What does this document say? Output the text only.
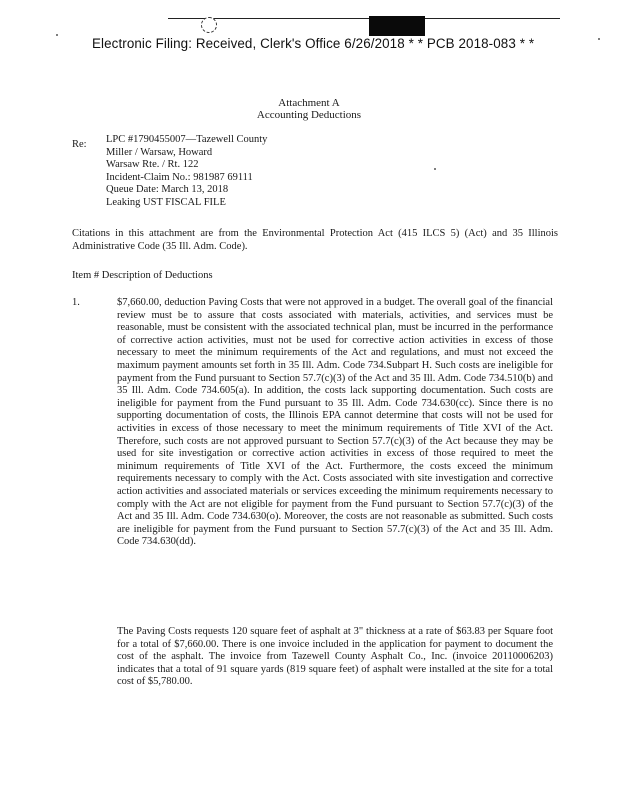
Electronic Filing: Received, Clerk's Office 6/26/2018 * * PCB 2018-083 * *
Attachment A
Accounting Deductions
Re: LPC #1790455007—Tazewell County
Miller / Warsaw, Howard
Warsaw Rte. / Rt. 122
Incident-Claim No.: 981987 69111
Queue Date: March 13, 2018
Leaking UST FISCAL FILE
Citations in this attachment are from the Environmental Protection Act (415 ILCS 5) (Act) and 35 Illinois Administrative Code (35 Ill. Adm. Code).
Item # Description of Deductions
1.	$7,660.00, deduction Paving Costs that were not approved in a budget. The overall goal of the financial review must be to assure that costs associated with materials, activities, and services must be reasonable, must be consistent with the associated technical plan, must be incurred in the performance of corrective action activities, must not be used for corrective action activities in excess of those necessary to meet the minimum requirements of the Act and regulations, and must not exceed the maximum payment amounts set forth in 35 Ill. Adm. Code 734.Subpart H. Such costs are ineligible for payment from the Fund pursuant to Section 57.7(c)(3) of the Act and 35 Ill. Adm. Code 734.510(b) and 35 Ill. Adm. Code 734.605(a). In addition, the costs lack supporting documentation. Such costs are ineligible for payment from the Fund pursuant to 35 Ill. Adm. Code 734.630(cc). Since there is no supporting documentation of costs, the Illinois EPA cannot determine that costs will not be used for activities in excess of those necessary to meet the minimum requirements of Title XVI of the Act. Therefore, such costs are not approved pursuant to Section 57.7(c)(3) of the Act because they may be used for site investigation or corrective action activities in excess of those required to meet the minimum requirements of Title XVI of the Act. Furthermore, the costs exceed the minimum requirements necessary to comply with the Act. Costs associated with site investigation and corrective action activities and associated materials or services exceeding the minimum requirements necessary to comply with the Act are not eligible for payment from the Fund pursuant to Section 57.7(c)(3) of the Act and 35 Ill. Adm. Code 734.630(o). Moreover, the costs are not reasonable as submitted. Such costs are ineligible for payment from the Fund pursuant to Section 57.7(c)(3) of the Act and 35 Ill. Adm. Code 734.630(dd).
The Paving Costs requests 120 square feet of asphalt at 3" thickness at a rate of $63.83 per Square foot for a total of $7,660.00. There is one invoice included in the application for payment to document the cost of the asphalt. The invoice from Tazewell County Asphalt Co., Inc. (invoice 20110006203) indicates that a total of 91 square yards (819 square feet) of asphalt were installed at the site for a total cost of $5,780.00.
